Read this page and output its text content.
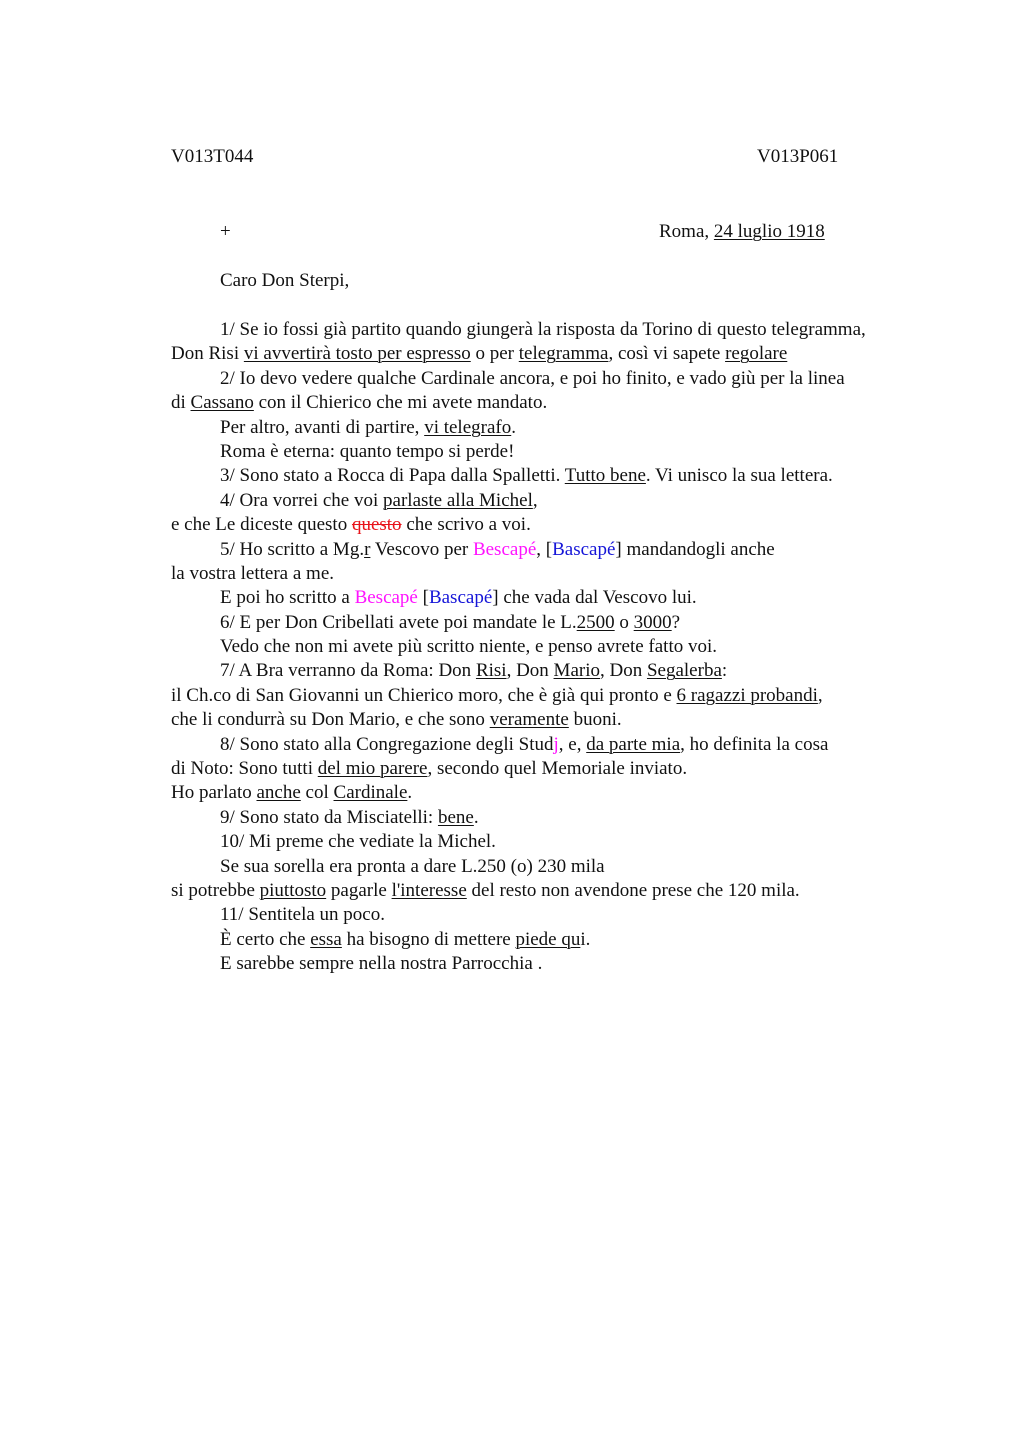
V013T044	V013P061
+	Roma, 24 luglio 1918
Caro Don Sterpi,
1/ Se io fossi già partito quando giungerà la risposta da Torino di questo telegramma,
Don Risi vi avvertirà tosto per espresso o per telegramma, così vi sapete regolare
2/ Io devo vedere qualche Cardinale ancora, e poi ho finito, e vado giù per la linea
di Cassano con il Chierico che mi avete mandato.
Per altro, avanti di partire, vi telegrafo.
Roma è eterna: quanto tempo si perde!
3/ Sono stato a Rocca di Papa dalla Spalletti. Tutto bene. Vi unisco la sua lettera.
4/ Ora vorrei che voi parlaste alla Michel,
e che Le diceste questo questo che scrivo a voi.
5/ Ho scritto a Mg.r Vescovo per Bescapé, [Bascapé] mandandogli anche
la vostra lettera a me.
E poi ho scritto a Bescapé [Bascapé] che vada dal Vescovo lui.
6/ E per Don Cribellati avete poi mandate le L.2500 o 3000?
Vedo che non mi avete più scritto niente, e penso avrete fatto voi.
7/ A Bra verranno da Roma: Don Risi, Don Mario, Don Segalerba:
il Ch.co di San Giovanni un Chierico moro, che è già qui pronto e 6 ragazzi probandi,
che li condurrà su Don Mario, e che sono veramente buoni.
8/ Sono stato alla Congregazione degli Studj, e, da parte mia, ho definita la cosa
di Noto: Sono tutti del mio parere, secondo quel Memoriale inviato.
Ho parlato anche col Cardinale.
9/ Sono stato da Misciatelli: bene.
10/ Mi preme che vediate la Michel.
Se sua sorella era pronta a dare L.250 (o) 230 mila
si potrebbe piuttosto pagarle l'interesse del resto non avendone prese che 120 mila.
11/ Sentitela un poco.
È certo che essa ha bisogno di mettere piede qui.
E sarebbe sempre nella nostra Parrocchia .
